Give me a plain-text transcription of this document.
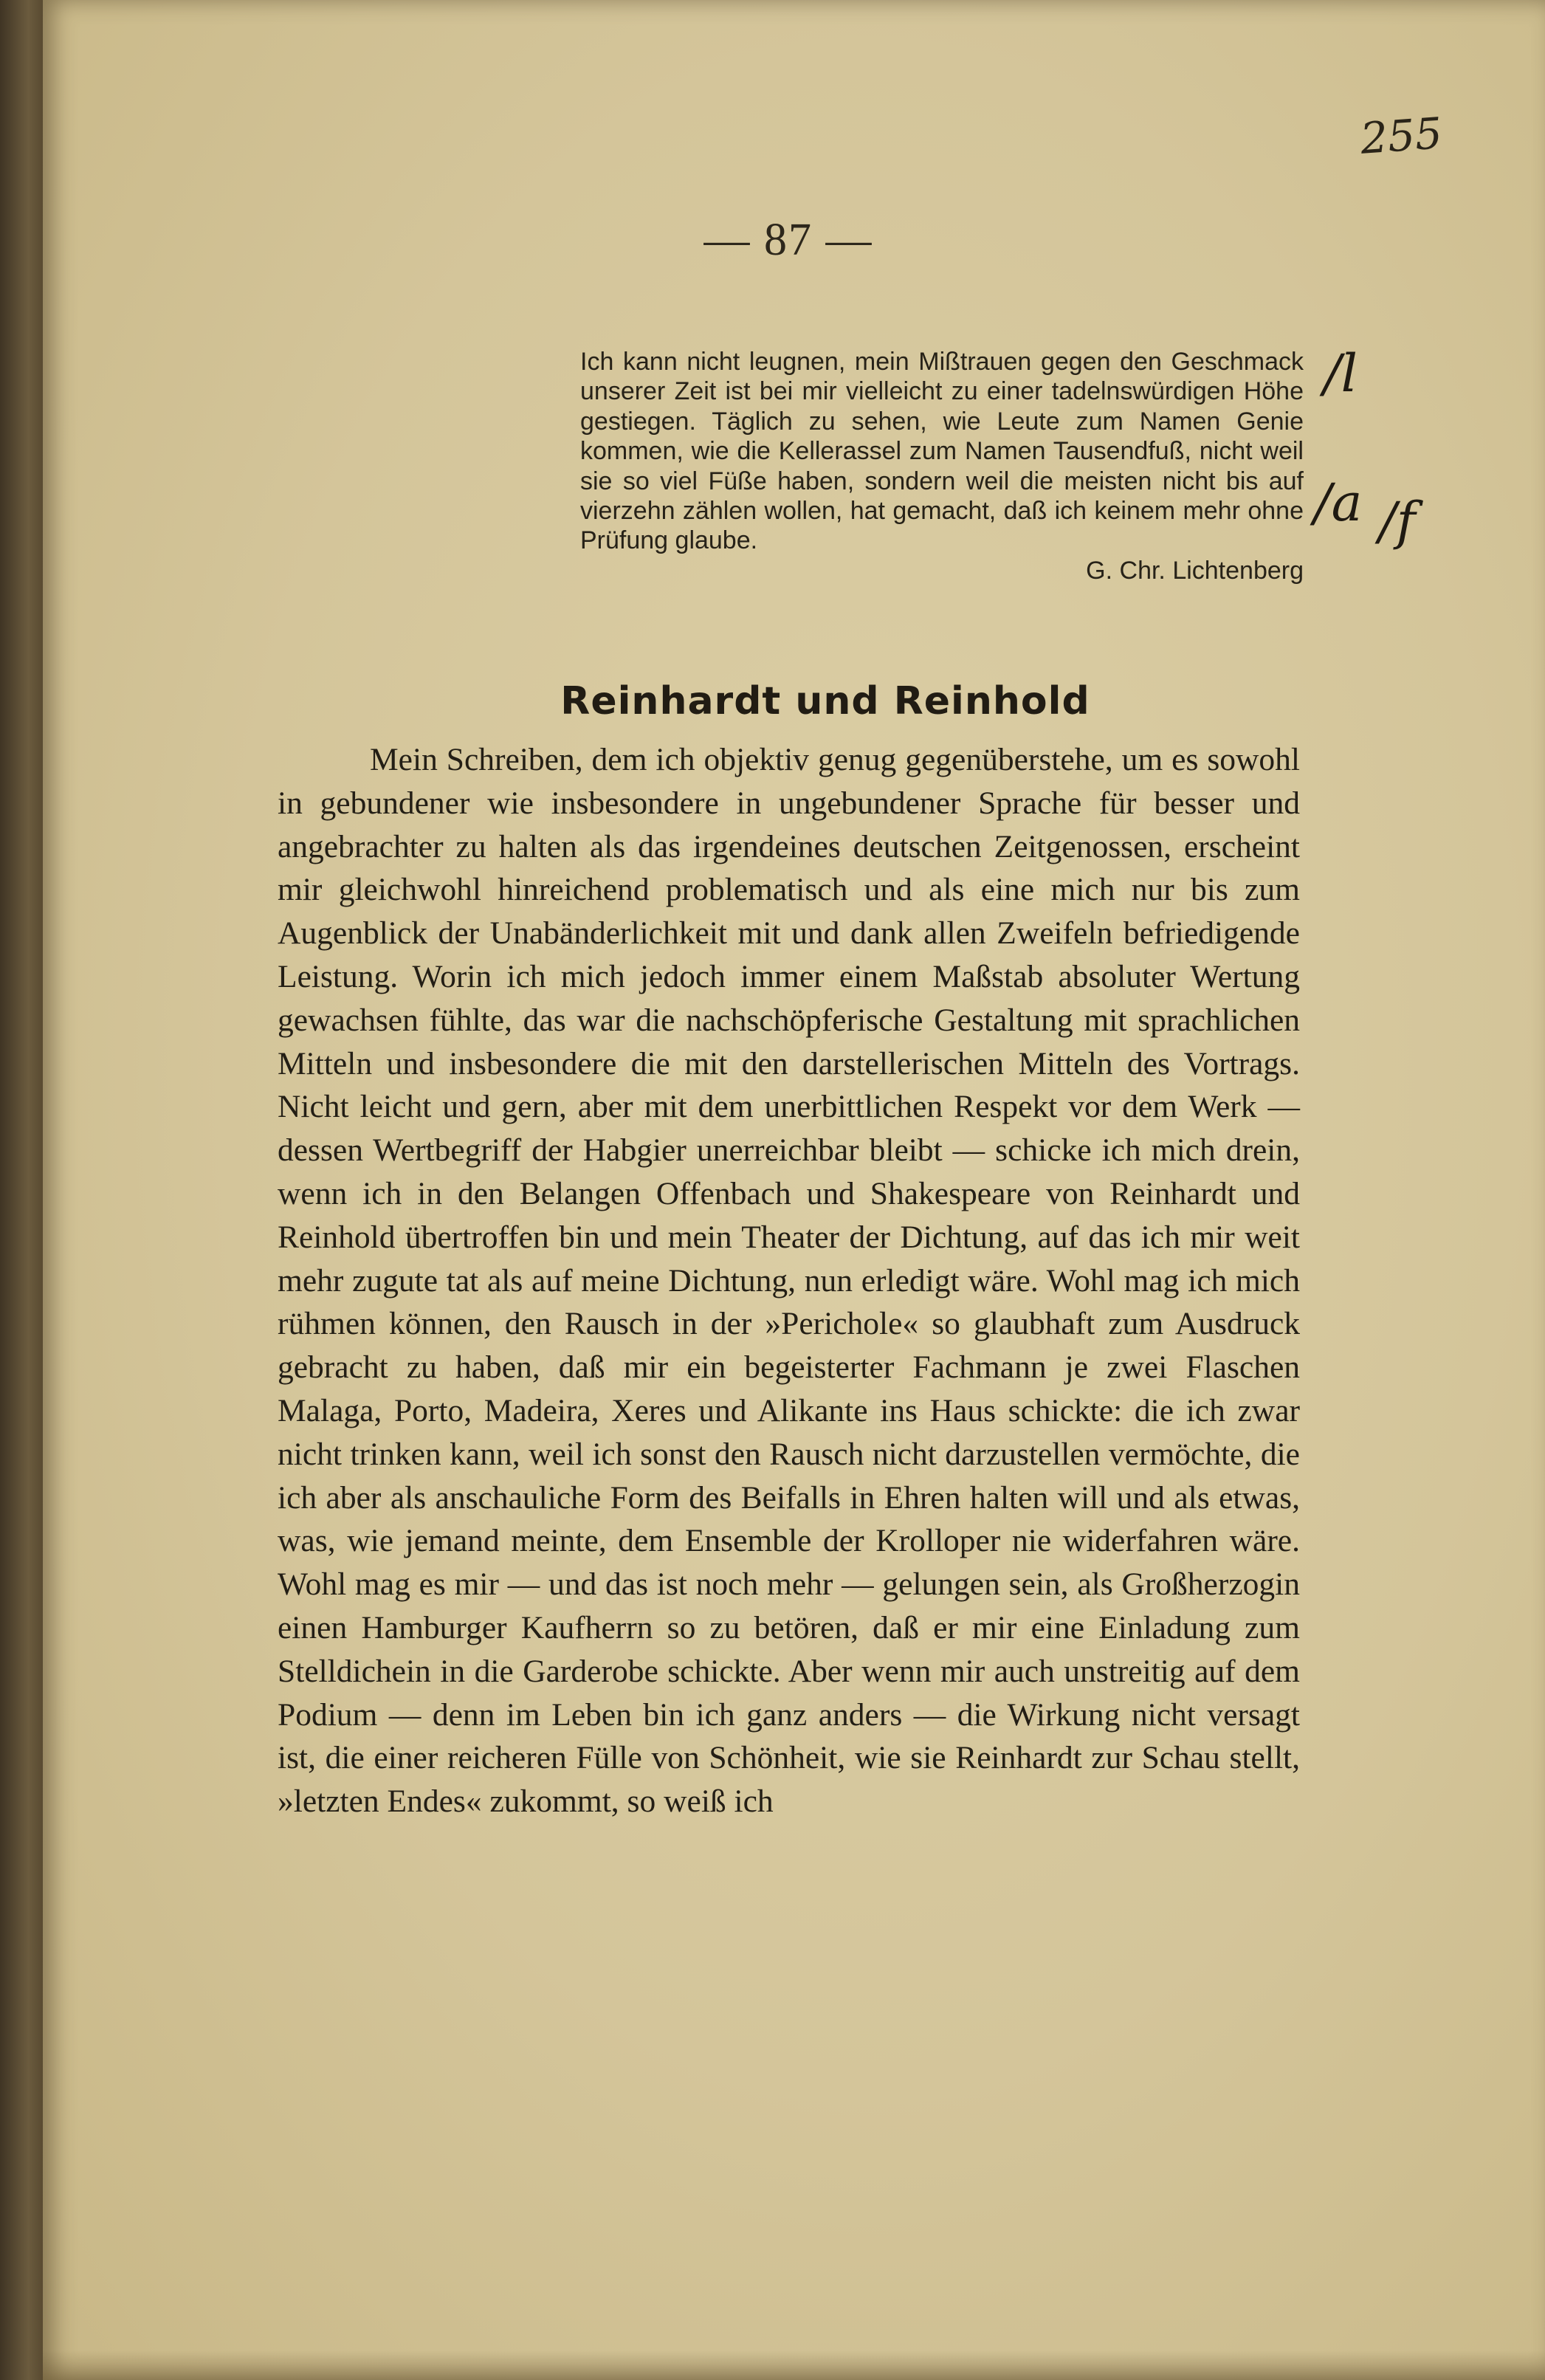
255
— 87 —

Ich kann nicht leugnen, mein Mißtrauen gegen den Geschmack unserer Zeit ist bei mir vielleicht zu einer tadelnswürdigen Höhe gestiegen. Täglich zu sehen, wie Leute zum Namen Genie kommen, wie die Kellerassel zum Namen Tausendfuß, nicht weil sie so viel Füße haben, sondern weil die meisten nicht bis auf vierzehn zählen wollen, hat gemacht, daß ich keinem mehr ohne Prüfung glaube.

G. Chr. Lichtenberg

/l
/a /f
Reinhardt und Reinhold

Mein Schreiben, dem ich objektiv genug gegenüberstehe, um es sowohl in gebundener wie insbesondere in ungebundener Sprache für besser und angebrachter zu halten als das irgendeines deutschen Zeitgenossen, erscheint mir gleichwohl hinreichend problematisch und als eine mich nur bis zum Augenblick der Unabänderlichkeit mit und dank allen Zweifeln befriedigende Leistung. Worin ich mich jedoch immer einem Maßstab absoluter Wertung gewachsen fühlte, das war die nachschöpferische Gestaltung mit sprachlichen Mitteln und insbesondere die mit den darstellerischen Mitteln des Vortrags. Nicht leicht und gern, aber mit dem unerbittlichen Respekt vor dem Werk — dessen Wertbegriff der Habgier unerreichbar bleibt — schicke ich mich drein, wenn ich in den Belangen Offenbach und Shakespeare von Reinhardt und Reinhold übertroffen bin und mein Theater der Dichtung, auf das ich mir weit mehr zugute tat als auf meine Dichtung, nun erledigt wäre. Wohl mag ich mich rühmen können, den Rausch in der »Perichole« so glaubhaft zum Ausdruck gebracht zu haben, daß mir ein begeisterter Fachmann je zwei Flaschen Malaga, Porto, Madeira, Xeres und Alikante ins Haus schickte: die ich zwar nicht trinken kann, weil ich sonst den Rausch nicht darzustellen vermöchte, die ich aber als anschauliche Form des Beifalls in Ehren halten will und als etwas, was, wie jemand meinte, dem Ensemble der Krolloper nie widerfahren wäre. Wohl mag es mir — und das ist noch mehr — gelungen sein, als Großherzogin einen Hamburger Kaufherrn so zu betören, daß er mir eine Einladung zum Stelldichein in die Garderobe schickte. Aber wenn mir auch unstreitig auf dem Podium — denn im Leben bin ich ganz anders — die Wirkung nicht versagt ist, die einer reicheren Fülle von Schönheit, wie sie Reinhardt zur Schau stellt, »letzten Endes« zukommt, so weiß ich
